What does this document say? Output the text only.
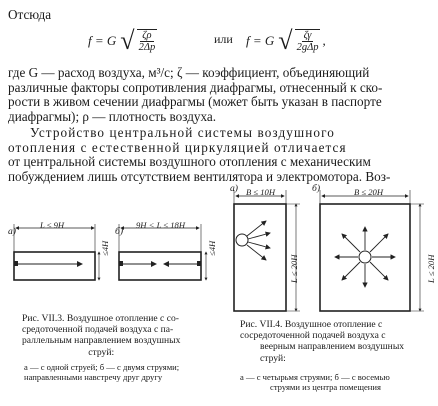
Отсюда
f = G √ $\frac{\zeta\rho}{2\Delta p}$	или f = G √ $\frac{\zeta\gamma}{\text{2gΔp}}$ ,
где G — расход воздуха, м³/с; ζ — коэффициент, объединяющий
различные факторы сопротивления диафрагмы, отнесенный к ско-
рости в живом сечении диафрагмы (может быть указан в паспорте
диафрагмы); ρ — плотность воздуха.
Устройство центральной системы воздушного
отопления с естественной циркуляцией отличается
от центральной системы воздушного отопления с механическим
побуждением лишь отсутствием вентилятора и электромотора. Воз-
а)	б)
L ≤ 9H	9H < L ≤ 18H
≤4H	≤4H
а)	б)
B ≤ 10H	B ≤ 20H
L ≤ 20H	L ≤ 20H
Рис. VII.3. Воздушное отопление с со-
средоточенной подачей воздуха с па-
раллельным направлением воздушных
струй:
а — с одной струей; б — с двумя струями;
направленными навстречу друг другу
Рис. VII.4. Воздушное отопление с
сосредоточенной подачей воздуха с
веерным направлением воздушных
струй:
а — с четырьмя струями; б — с восемью
струями из центра помещения
